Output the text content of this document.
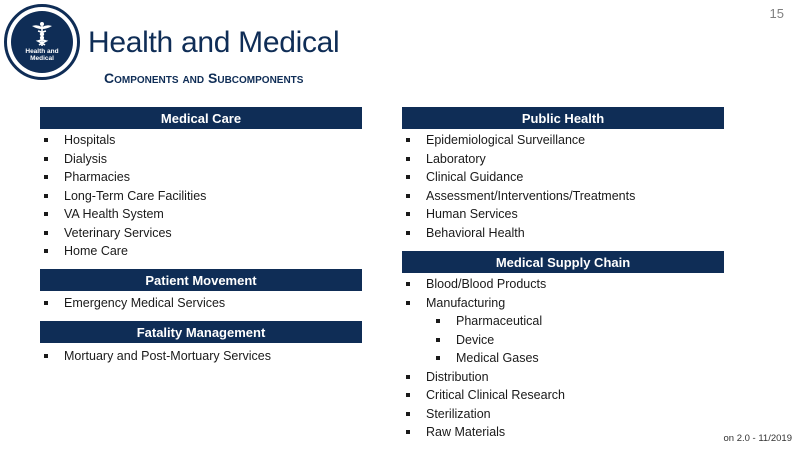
15
Health and
Medical Health and Medical
Components and Subcomponents
Medical Care
Hospitals
Dialysis
Pharmacies
Long-Term Care Facilities
VA Health System
Veterinary Services
Home Care
Patient Movement
Emergency Medical Services
Fatality Management
Mortuary and Post-Mortuary Services
Public Health
Epidemiological Surveillance
Laboratory
Clinical Guidance
Assessment/Interventions/Treatments
Human Services
Behavioral Health
Medical Supply Chain
Blood/Blood Products
Manufacturing
Pharmaceutical
Device
Medical Gases
Distribution
Critical Clinical Research
Sterilization
Raw Materials	on 2.0 - 11/2019
